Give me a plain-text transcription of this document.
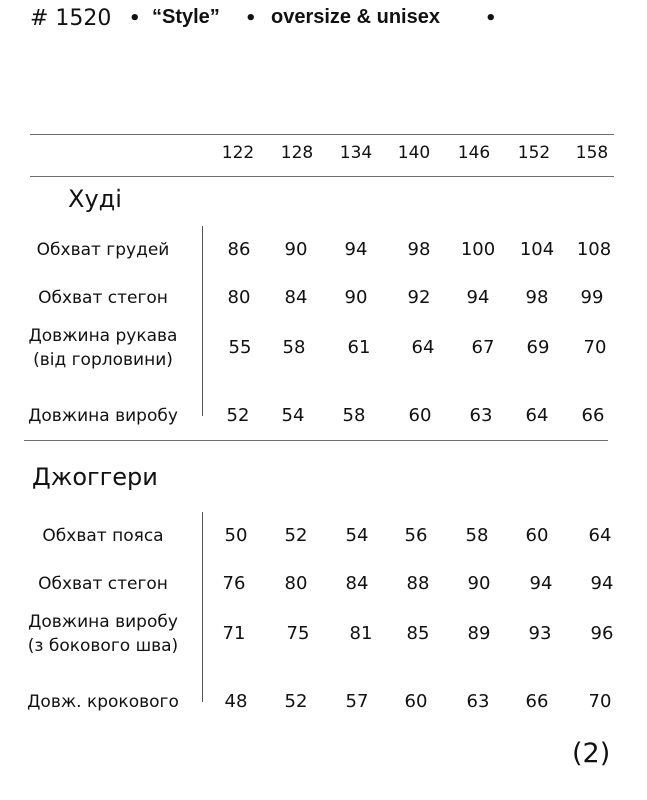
# 1520 • “Style” • oversize & unisex	•
122	128	134	140	146	152	158
Худі
Обхват грудей	86	90	94	98	100	104	108
Обхват стегон	80	84	90	92	94	98	99
Довжина рукава
(від горловини)
55	58	61	64	67	69	70
Довжина виробу	52	54	58	60	63	64	66
Джоггери
Обхват пояса	50	52	54	56	58	60	64
Обхват стегон	76	80	84	88	90	94	94
Довжина виробу
(з бокового шва)
71	75	81	85	89	93	96
Довж. крокового	48	52	57	60	63	66	70
(2)
